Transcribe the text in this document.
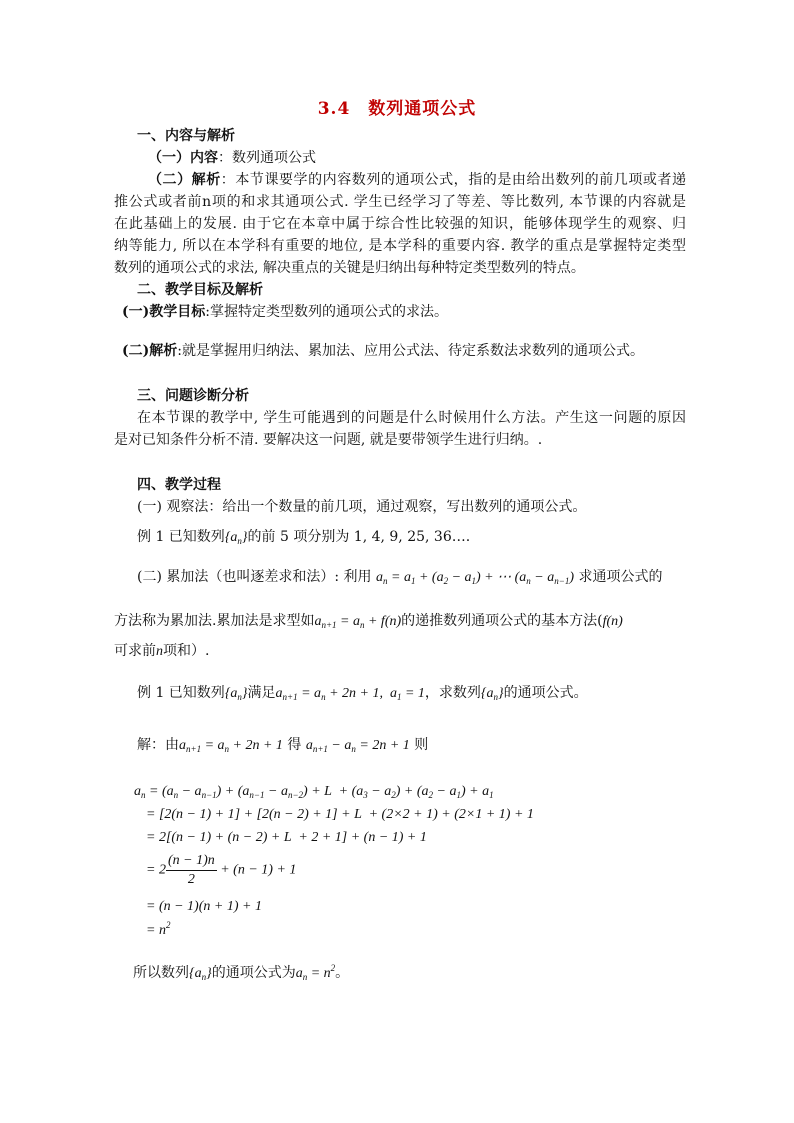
3.4　数列通项公式
一、内容与解析
（一）内容：数列通项公式
（二）解析：本节课要学的内容数列的通项公式，指的是由给出数列的前几项或者递
推公式或者前n项的和求其通项公式. 学生已经学习了等差、等比数列, 本节课的内容就是
在此基础上的发展. 由于它在本章中属于综合性比较强的知识，能够体现学生的观察、归
纳等能力, 所以在本学科有重要的地位, 是本学科的重要内容. 教学的重点是掌握特定类型
数列的通项公式的求法, 解决重点的关键是归纳出每种特定类型数列的特点。
二、教学目标及解析
(一)教学目标:掌握特定类型数列的通项公式的求法。
(二)解析:就是掌握用归纳法、累加法、应用公式法、待定系数法求数列的通项公式。
三、问题诊断分析
在本节课的教学中, 学生可能遇到的问题是什么时候用什么方法。产生这一问题的原因
是对已知条件分析不清. 要解决这一问题, 就是要带领学生进行归纳。.
四、教学过程
(一) 观察法：给出一个数量的前几项，通过观察，写出数列的通项公式。
例 1 已知数列$\{a_n\}$的前 5 项分别为 1, 4, 9, 25, 36….
(二) 累加法（也叫逐差求和法）: 利用 $a_n = a_1 + (a_2 - a_1)$ + ⋯ $(a_n - a_{n-1})$ 求通项公式的
方法称为累加法.累加法是求型如$a_{n+1} = a_n + f(n)$的递推数列通项公式的基本方法(f(n)
可求前n项和）.
例 1 已知数列$\{a_n\}$满足$a_{n+1} = a_n + 2n + 1$,  $a_1 = 1$，求数列$\{a_n\}$的通项公式。
解：由$a_{n+1} = a_n + 2n + 1$ 得 $a_{n+1} - a_n = 2n + 1$ 则
$a_n = (a_n - a_{n-1}) + (a_{n-1} - a_{n-2}) + L + (a_3 - a_2) + (a_2 - a_1) + a_1$
= [2(n − 1) + 1] + [2(n − 2) + 1] + L  + (2×2 + 1) + (2×1 + 1) + 1
= 2[(n − 1) + (n − 2) + L  + 2 + 1] + (n − 1) + 1
= $2 \frac{(n - 1)n}{2} + (n - 1) + 1$
= (n − 1)(n + 1) + 1
= $n^2$
所以数列$\{a_n\}$的通项公式为$a_n = n^2$。
